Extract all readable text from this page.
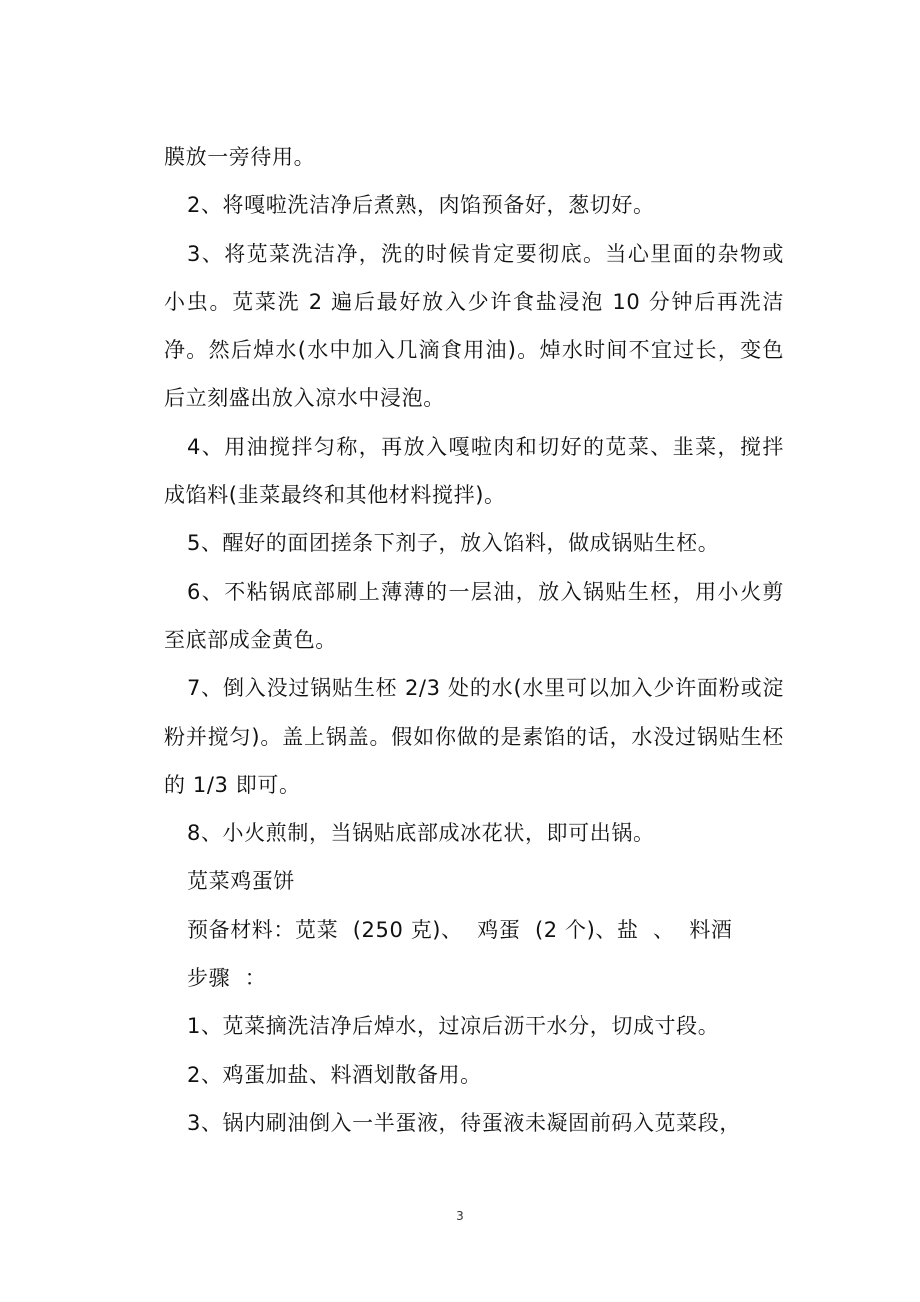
膜放一旁待用。

2、将嘎啦洗洁净后煮熟，肉馅预备好，葱切好。

3、将苋菜洗洁净，洗的时候肯定要彻底。当心里面的杂物或小虫。苋菜洗 2 遍后最好放入少许食盐浸泡 10 分钟后再洗洁净。然后焯水(水中加入几滴食用油)。焯水时间不宜过长，变色后立刻盛出放入凉水中浸泡。

4、用油搅拌匀称，再放入嘎啦肉和切好的苋菜、韭菜，搅拌成馅料(韭菜最终和其他材料搅拌)。

5、醒好的面团搓条下剂子，放入馅料，做成锅贴生柸。

6、不粘锅底部刷上薄薄的一层油，放入锅贴生柸，用小火剪至底部成金黄色。

7、倒入没过锅贴生柸 2/3 处的水(水里可以加入少许面粉或淀粉并搅匀)。盖上锅盖。假如你做的是素馅的话，水没过锅贴生柸的 1/3 即可。

8、小火煎制，当锅贴底部成冰花状，即可出锅。

苋菜鸡蛋饼

预备材料：苋菜  (250 克)、  鸡蛋  (2 个)、盐  、  料酒

步骤  ：

1、苋菜摘洗洁净后焯水，过凉后沥干水分，切成寸段。

2、鸡蛋加盐、料酒划散备用。

3、锅内刷油倒入一半蛋液，待蛋液未凝固前码入苋菜段，

3
